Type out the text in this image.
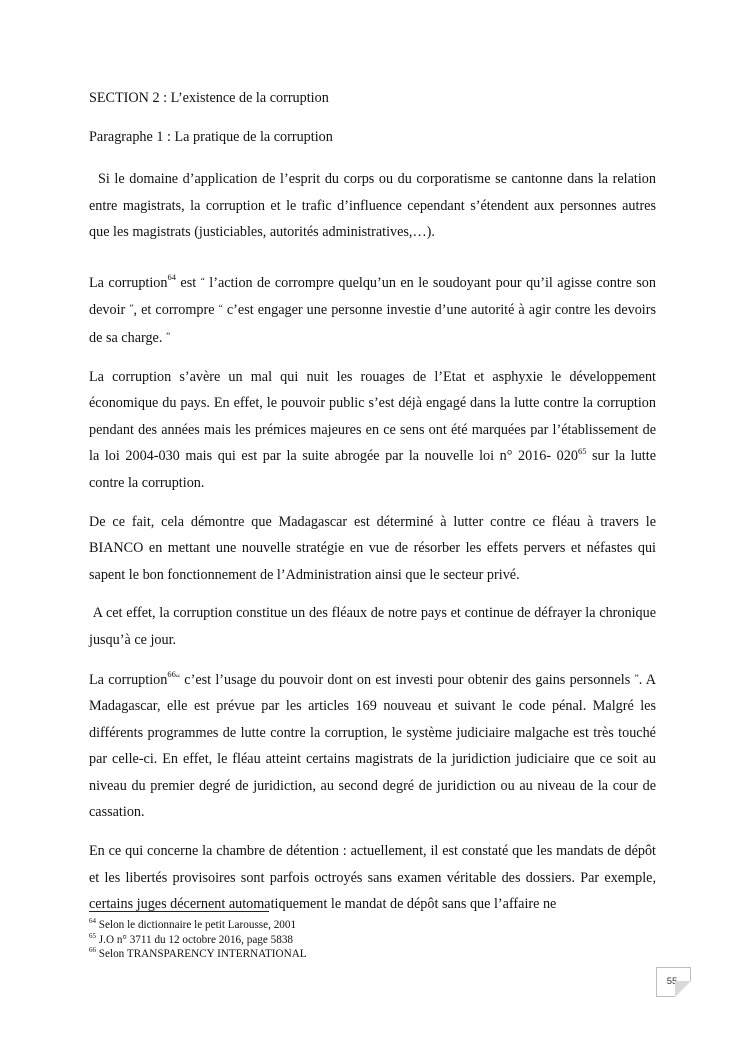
SECTION 2 : L’existence de la corruption

Paragraphe 1 : La pratique de la corruption

Si le domaine d’application de l’esprit du corps ou du corporatisme se cantonne dans la relation entre magistrats, la corruption et le trafic d’influence cependant s’étendent aux personnes autres que les magistrats (justiciables, autorités administratives,…).

La corruption$^{64}$ est “ l’action de corrompre quelqu’un en le soudoyant pour qu’il agisse contre son devoir ”, et corrompre “ c’est engager une personne investie d’une autorité à agir contre les devoirs de sa charge. ”

La corruption s’avère un mal qui nuit les rouages de l’Etat et asphyxie le développement économique du pays. En effet, le pouvoir public s’est déjà engagé dans la lutte contre la corruption pendant des années mais les prémices majeures en ce sens ont été marquées par l’établissement de la loi 2004-030 mais qui est par la suite abrogée par la nouvelle loi n° 2016- $020^{65}$ sur la lutte contre la corruption.

De ce fait, cela démontre que Madagascar est déterminé à lutter contre ce fléau à travers le BIANCO en mettant une nouvelle stratégie en vue de résorber les effets pervers et néfastes qui sapent le bon fonctionnement de l’Administration ainsi que le secteur privé.

A cet effet, la corruption constitue un des fléaux de notre pays et continue de défrayer la chronique jusqu’à ce jour.

La corruption$^{66“}$ c’est l’usage du pouvoir dont on est investi pour obtenir des gains personnels ”. A Madagascar, elle est prévue par les articles 169 nouveau et suivant le code pénal. Malgré les différents programmes de lutte contre la corruption, le système judiciaire malgache est très touché par celle-ci. En effet, le fléau atteint certains magistrats de la juridiction judiciaire que ce soit au niveau du premier degré de juridiction, au second degré de juridiction ou au niveau de la cour de cassation.

En ce qui concerne la chambre de détention : actuellement, il est constaté que les mandats de dépôt et les libertés provisoires sont parfois octroyés sans examen véritable des dossiers. Par exemple, certains juges décernent automatiquement le mandat de dépôt sans que l’affaire ne

$^{64}$ Selon le dictionnaire le petit Larousse, 2001
$^{65}$ J.O n° 3711 du 12 octobre 2016, page 5838
$^{66}$ Selon TRANSPARENCY INTERNATIONAL
55
